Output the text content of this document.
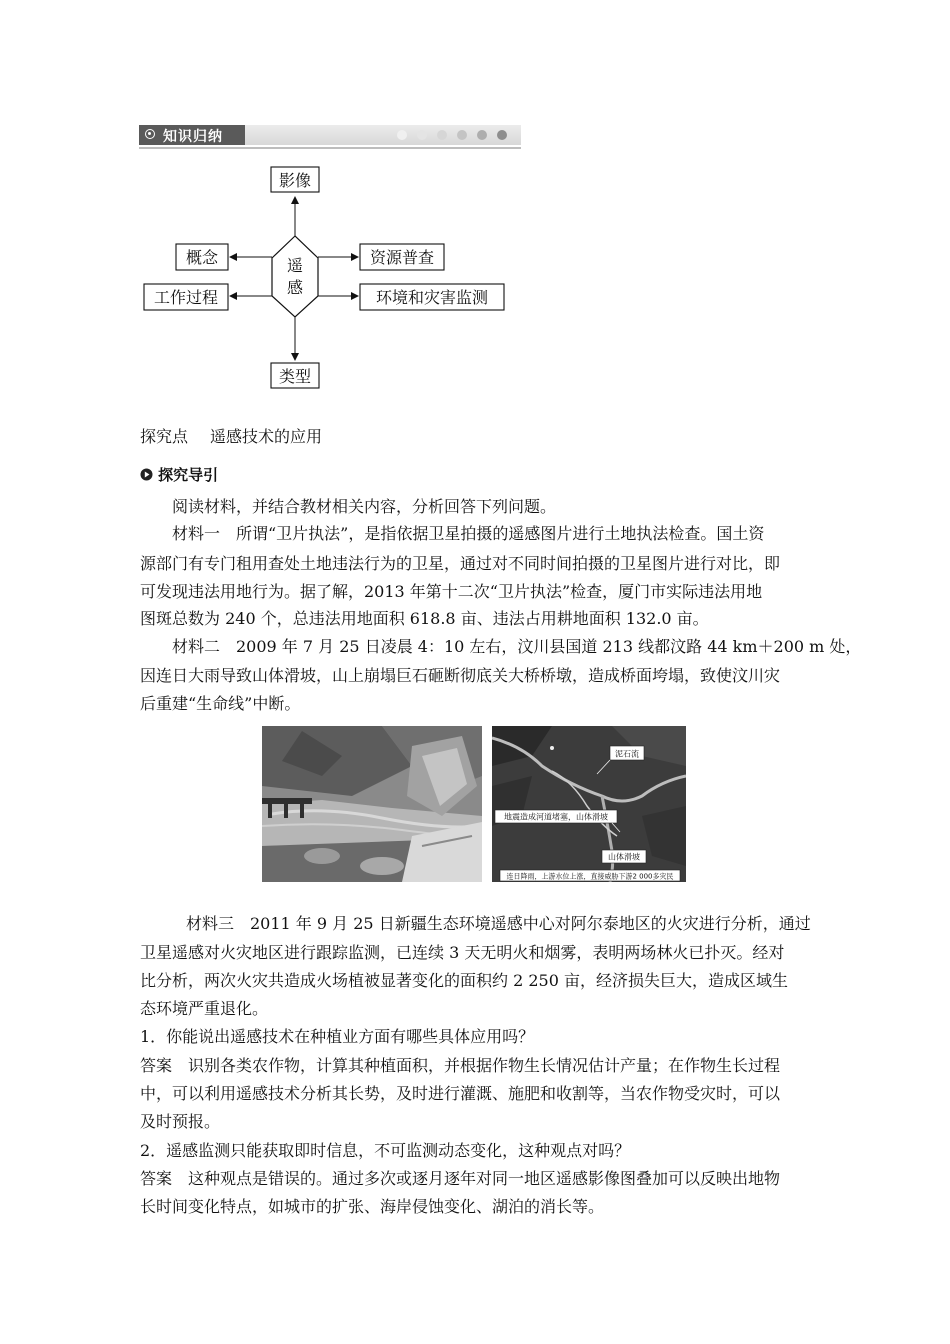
知识归纳
遥
感
影像
概念
工作过程
资源普查
环境和灾害监测
类型
探究点 遥感技术的应用
探究导引
阅读材料，并结合教材相关内容，分析回答下列问题。
材料一　所谓“卫片执法”，是指依据卫星拍摄的遥感图片进行土地执法检查。国土资
源部门有专门租用查处土地违法行为的卫星，通过对不同时间拍摄的卫星图片进行对比，即
可发现违法用地行为。据了解，2013 年第十二次“卫片执法”检查，厦门市实际违法用地
图斑总数为 240 个，总违法用地面积 618.8 亩、违法占用耕地面积 132.0 亩。
材料二　2009 年 7 月 25 日凌晨 4：10 左右，汶川县国道 213 线都汶路 44 km＋200 m 处，
因连日大雨导致山体滑坡，山上崩塌巨石砸断彻底关大桥桥墩，造成桥面垮塌，致使汶川灾
后重建“生命线”中断。
泥石流
地震造成河道堵塞，山体滑坡
山体滑坡
连日降雨，上游水位上涨，直接威胁下游2 000多灾民
材料三　2011 年 9 月 25 日新疆生态环境遥感中心对阿尔泰地区的火灾进行分析，通过
卫星遥感对火灾地区进行跟踪监测，已连续 3 天无明火和烟雾，表明两场林火已扑灭。经对
比分析，两次火灾共造成火场植被显著变化的面积约 2 250 亩，经济损失巨大，造成区域生
态环境严重退化。
1．你能说出遥感技术在种植业方面有哪些具体应用吗？
答案　识别各类农作物，计算其种植面积，并根据作物生长情况估计产量；在作物生长过程
中，可以利用遥感技术分析其长势，及时进行灌溉、施肥和收割等，当农作物受灾时，可以
及时预报。
2．遥感监测只能获取即时信息，不可监测动态变化，这种观点对吗？
答案　这种观点是错误的。通过多次或逐月逐年对同一地区遥感影像图叠加可以反映出地物
长时间变化特点，如城市的扩张、海岸侵蚀变化、湖泊的消长等。
